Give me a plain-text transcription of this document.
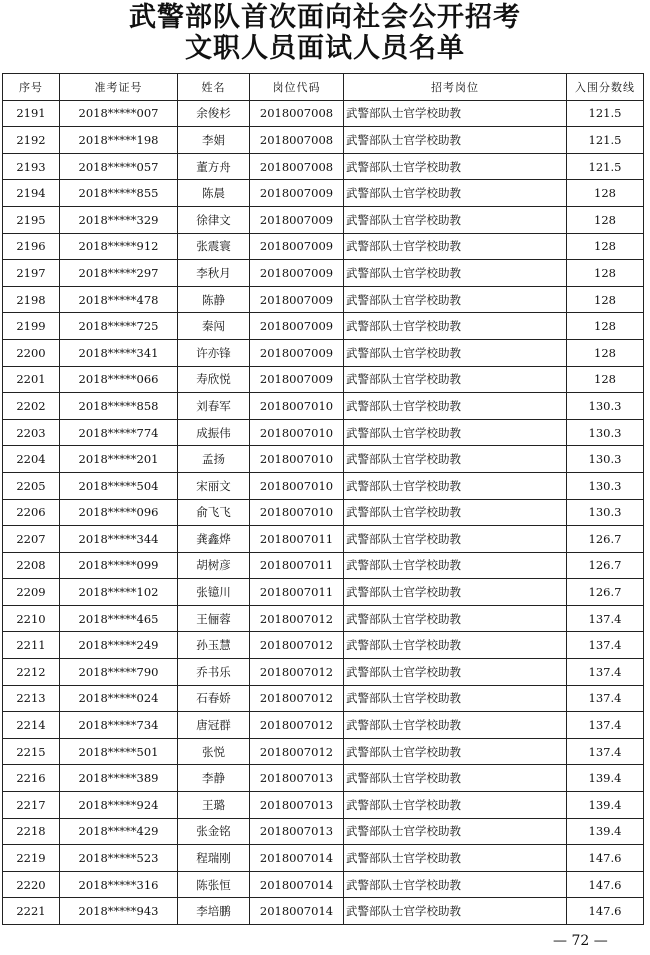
武警部队首次面向社会公开招考
文职人员面试人员名单
序号	准考证号	姓名	岗位代码	招考岗位	入围分数线
2191	2018*****007	余俊杉	2018007008	武警部队士官学校助教	121.5
2192	2018*****198	李娟	2018007008	武警部队士官学校助教	121.5
2193	2018*****057	董方舟	2018007008	武警部队士官学校助教	121.5
2194	2018*****855	陈晨	2018007009	武警部队士官学校助教	128
2195	2018*****329	徐律文	2018007009	武警部队士官学校助教	128
2196	2018*****912	张震寰	2018007009	武警部队士官学校助教	128
2197	2018*****297	李秋月	2018007009	武警部队士官学校助教	128
2198	2018*****478	陈静	2018007009	武警部队士官学校助教	128
2199	2018*****725	秦闯	2018007009	武警部队士官学校助教	128
2200	2018*****341	许亦锋	2018007009	武警部队士官学校助教	128
2201	2018*****066	寿欣悦	2018007009	武警部队士官学校助教	128
2202	2018*****858	刘春军	2018007010	武警部队士官学校助教	130.3
2203	2018*****774	成振伟	2018007010	武警部队士官学校助教	130.3
2204	2018*****201	孟扬	2018007010	武警部队士官学校助教	130.3
2205	2018*****504	宋丽文	2018007010	武警部队士官学校助教	130.3
2206	2018*****096	俞飞飞	2018007010	武警部队士官学校助教	130.3
2207	2018*****344	龚鑫烨	2018007011	武警部队士官学校助教	126.7
2208	2018*****099	胡树彦	2018007011	武警部队士官学校助教	126.7
2209	2018*****102	张镱川	2018007011	武警部队士官学校助教	126.7
2210	2018*****465	王俪蓉	2018007012	武警部队士官学校助教	137.4
2211	2018*****249	孙玉慧	2018007012	武警部队士官学校助教	137.4
2212	2018*****790	乔书乐	2018007012	武警部队士官学校助教	137.4
2213	2018*****024	石春娇	2018007012	武警部队士官学校助教	137.4
2214	2018*****734	唐冠群	2018007012	武警部队士官学校助教	137.4
2215	2018*****501	张悦	2018007012	武警部队士官学校助教	137.4
2216	2018*****389	李静	2018007013	武警部队士官学校助教	139.4
2217	2018*****924	王璐	2018007013	武警部队士官学校助教	139.4
2218	2018*****429	张金铭	2018007013	武警部队士官学校助教	139.4
2219	2018*****523	程瑞刚	2018007014	武警部队士官学校助教	147.6
2220	2018*****316	陈张恒	2018007014	武警部队士官学校助教	147.6
2221	2018*****943	李培鹏	2018007014	武警部队士官学校助教	147.6
— 72 —
